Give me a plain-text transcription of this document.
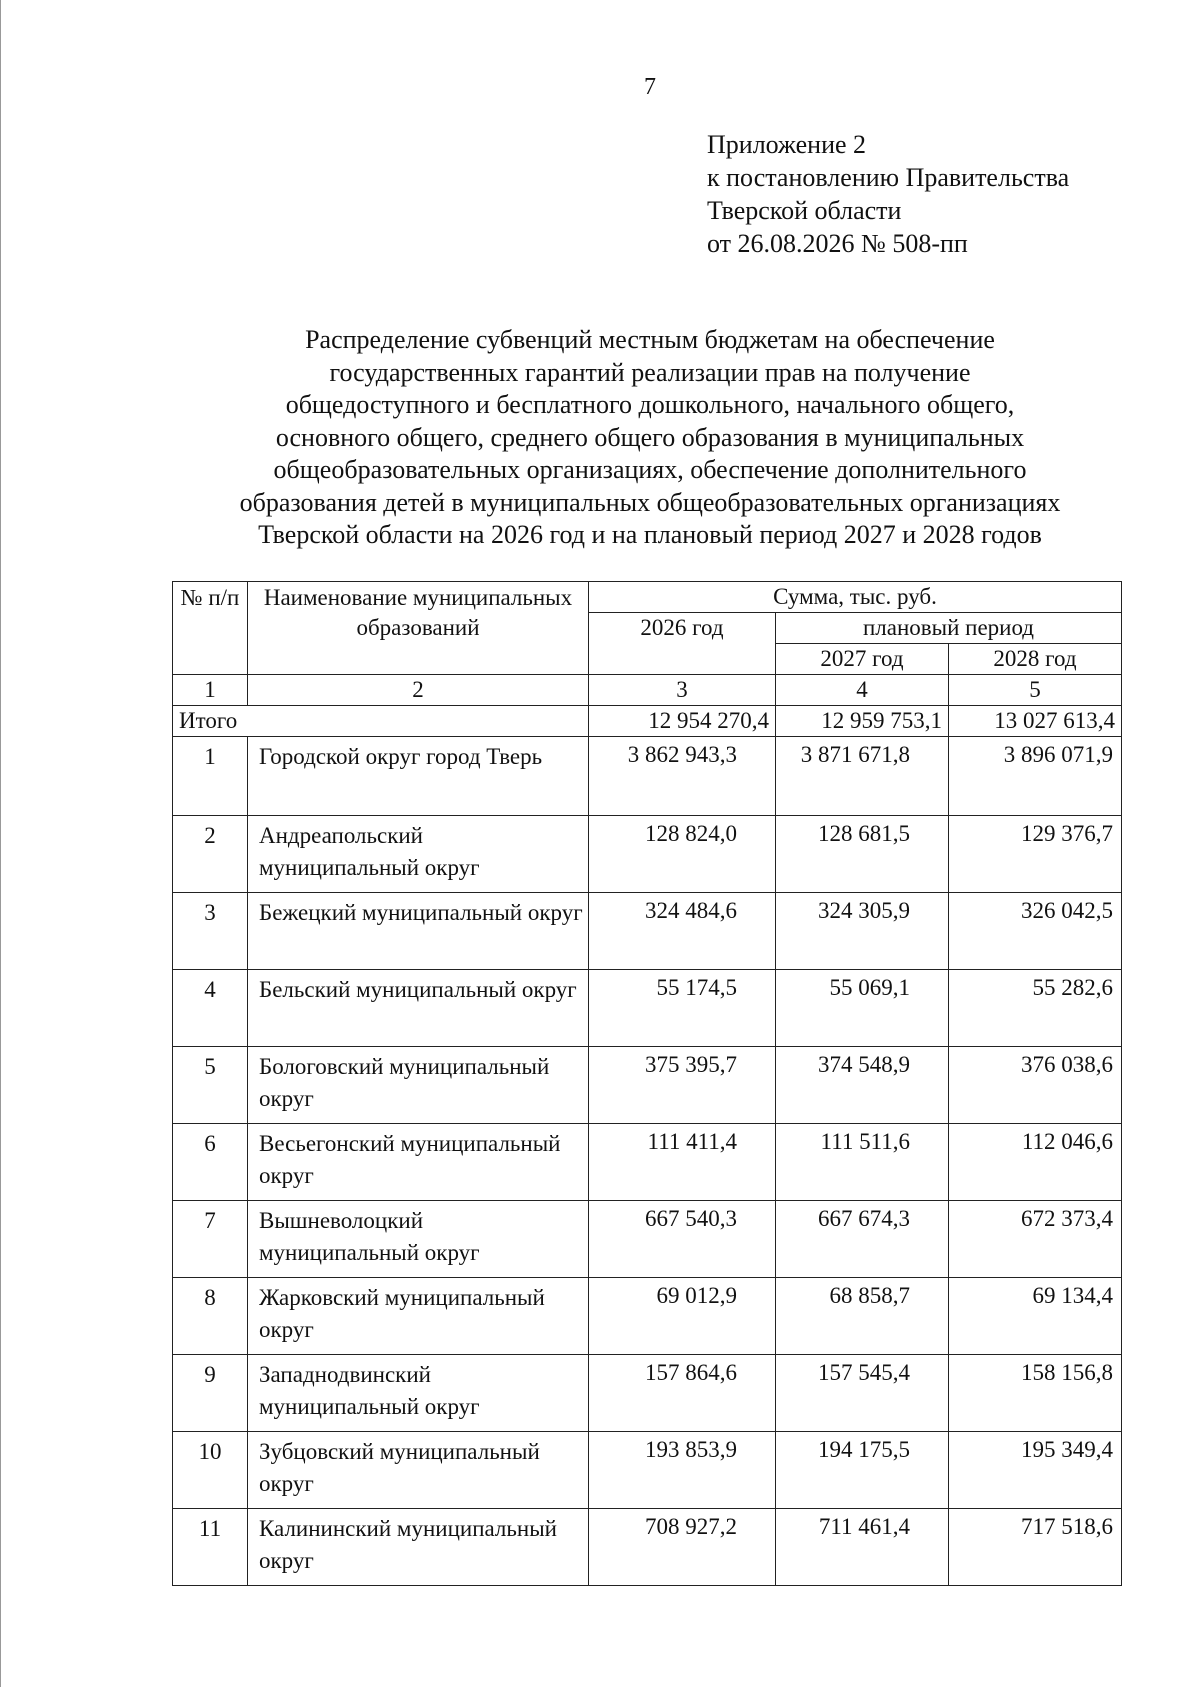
7
Приложение 2
к постановлению Правительства
Тверской области
от 26.08.2026 № 508-пп
Распределение субвенций местным бюджетам на обеспечение
государственных гарантий реализации прав на получение
общедоступного и бесплатного дошкольного, начального общего,
основного общего, среднего общего образования в муниципальных
общеобразовательных организациях, обеспечение дополнительного
образования детей в муниципальных общеобразовательных организациях
Тверской области на 2026 год и на плановый период 2027 и 2028 годов
№ п/п	Наименование муниципальных образований	Сумма, тыс. руб.		
		2026 год	плановый период	
			2027 год	2028 год
1	2	3	4	5
Итого		12 954 270,4	12 959 753,1	13 027 613,4
1	Городской округ город Тверь	3 862 943,3	3 871 671,8	3 896 071,9
2	Андреапольский муниципальный округ	128 824,0	128 681,5	129 376,7
3	Бежецкий муниципальный округ	324 484,6	324 305,9	326 042,5
4	Бельский муниципальный округ	55 174,5	55 069,1	55 282,6
5	Бологовский муниципальный округ	375 395,7	374 548,9	376 038,6
6	Весьегонский муниципальный округ	111 411,4	111 511,6	112 046,6
7	Вышневолоцкий муниципальный округ	667 540,3	667 674,3	672 373,4
8	Жарковский муниципальный округ	69 012,9	68 858,7	69 134,4
9	Западнодвинский муниципальный округ	157 864,6	157 545,4	158 156,8
10	Зубцовский муниципальный округ	193 853,9	194 175,5	195 349,4
11	Калининский муниципальный округ	708 927,2	711 461,4	717 518,6
